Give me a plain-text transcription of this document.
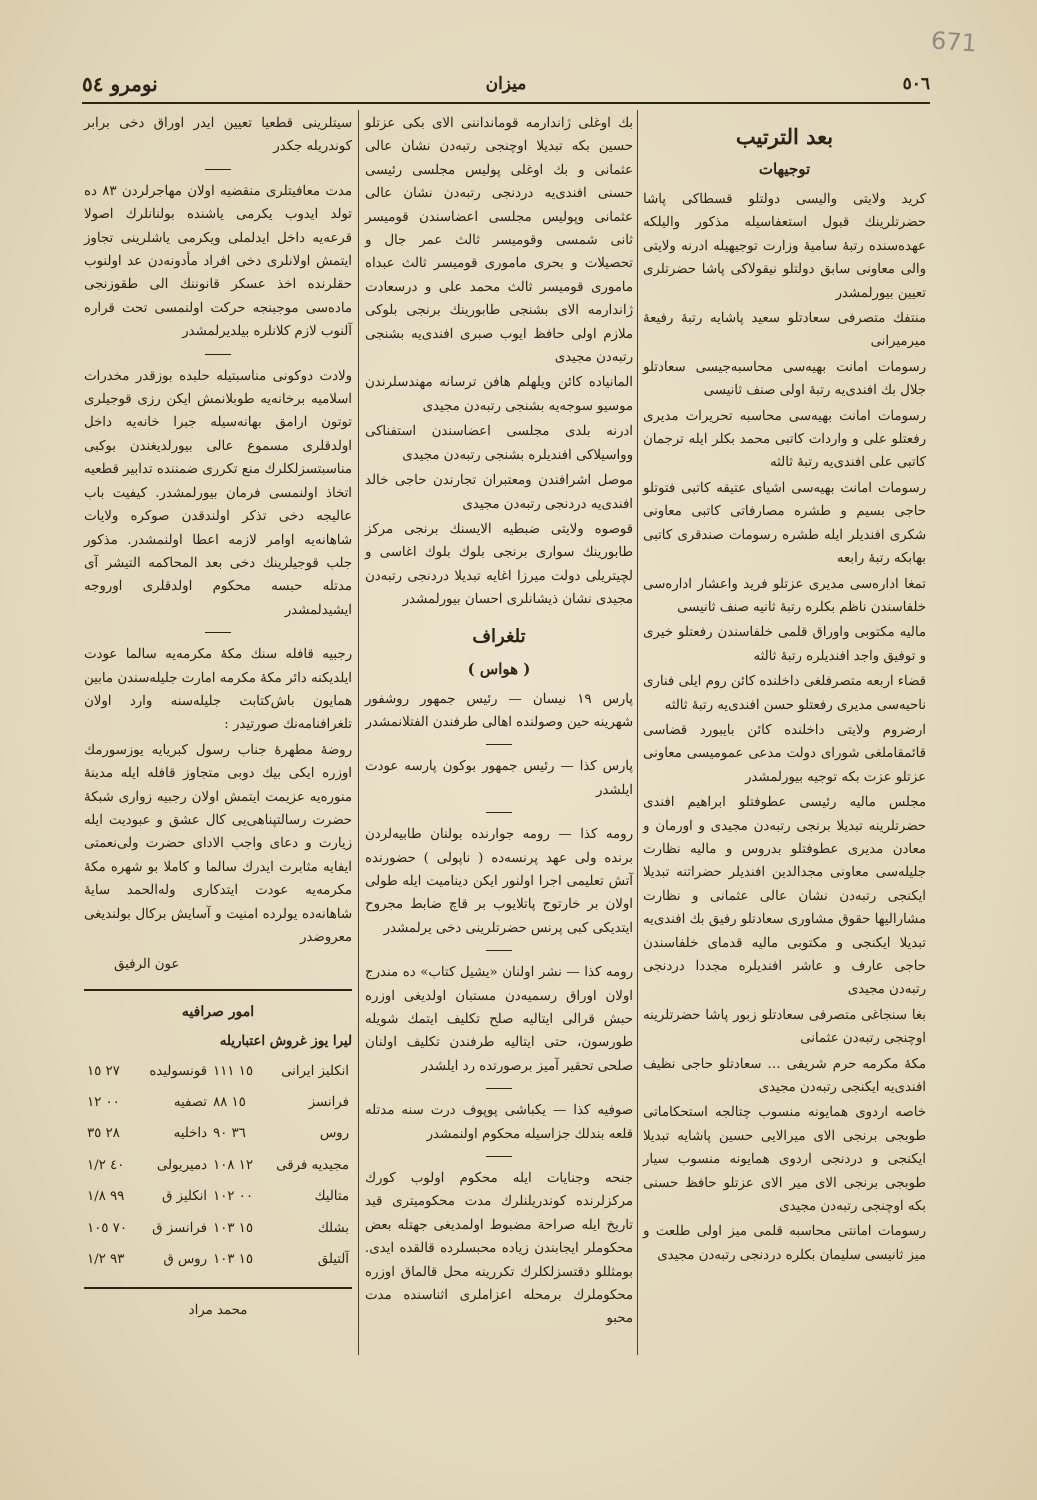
671
٥٠٦
میزان
نومرو ٥٤
بعد الترتیب
توجیهات

کرید ولایتی والیسی دولتلو قسطاکی پاشا حضرتلرینك قبول استعفاسیله مذکور والیلکه عهده‌سنده رتبهٔ سامیهٔ وزارت توجیهیله ادرنه ولایتی والی معاونی سابق دولتلو نیقولاکی پاشا حضرتلری تعیین بیورلمشدر

منتفك متصرفی سعادتلو سعید پاشایه رتبهٔ رفیعهٔ میرمیرانی

رسومات امانت بهیه‌سی محاسبه‌جیسی سعادتلو جلال بك افندی‌یه رتبهٔ اولی صنف ثانیسی

رسومات امانت بهیه‌سی محاسبه تحریرات مدیری رفعتلو علی و واردات کاتبی محمد بکلر ایله ترجمان کاتبی علی افندی‌یه رتبهٔ ثالثه

رسومات امانت بهیه‌سی اشیای عتیقه کاتبی فتوتلو حاجی بسیم و طشره مصارفاتی کاتبی معاونی شکری افندیلر ایله طشره رسومات صندقری کاتبی بهابکه رتبهٔ رابعه

تمغا اداره‌سی مدیری عزتلو فرید واعشار اداره‌سی خلفاسندن ناظم بکلره رتبهٔ ثانیه صنف ثانیسی

مالیه مکتوبی واوراق قلمی خلفاسندن رفعتلو خیری و توفیق واجد افندیلره رتبهٔ ثالثه

قضاء اربعه متصرفلغی داخلنده کائن روم ایلی فناری ناحیه‌سی مدیری رفعتلو حسن افندی‌یه رتبهٔ ثالثه

ارضروم ولایتی داخلنده کائن بایبورد قضاسی قائمقاملغی شورای دولت مدعی عمومیسی معاونی عزتلو عزت بکه توجیه بیورلمشدر

مجلس مالیه رئیسی عطوفتلو ابراهیم افندی حضرتلرینه تبدیلا برنجی رتبه‌دن مجیدی و اورمان و معادن مدیری عطوفتلو بدروس و مالیه نظارت جلیله‌سی معاونی مجدالدین افندیلر حضراتنه تبدیلا ایکنجی رتبه‌دن نشان عالی عثمانی و نظارت مشارالیها حقوق مشاوری سعادتلو رفیق بك افندی‌یه تبدیلا ایکنجی و مکتوبی مالیه قدمای خلفاسندن حاجی عارف و عاشر افندیلره مجددا دردنجی رتبه‌دن مجیدی

بغا سنجاغی متصرفی سعادتلو زبور پاشا حضرتلرینه اوچنجی رتبه‌دن عثمانی

مکهٔ مکرمه حرم شریفی … سعادتلو حاجی نظیف افندی‌یه ایکنجی رتبه‌دن مجیدی

خاصه اردوی همایونه منسوب چتالجه استحکاماتی طوبجی برنجی الای میرالایی حسین پاشایه تبدیلا ایکنجی و دردنجی اردوی همایونه منسوب سیار طوبجی برنجی الای میر الای عزتلو حافظ حسنی بکه اوچنجی رتبه‌دن مجیدی

رسومات امانتی محاسبه قلمی میز اولی طلعت و میز ثانیسی سلیمان بکلره دردنجی رتبه‌دن مجیدی

بك اوغلی ژاندارمه قومانداننی الای بکی عزتلو حسین بکه تبدیلا اوچنجی رتبه‌دن نشان عالی عثمانی و بك اوغلی پولیس مجلسی رئیسی حسنی افندی‌یه دردنجی رتبه‌دن نشان عالی عثمانی وپولیس مجلسی اعضاسندن قومیسر ثانی شمسی وقومیسر ثالث عمر جال و تحصیلات و بحری ماموری قومیسر ثالث عبداه ماموری قومیسر ثالث محمد علی و درسعادت ژاندارمه الای بشنجی طابورینك برنجی بلوکی ملازم اولی حافظ ایوب صبری افندی‌یه بشنجی رتبه‌دن مجیدی

المانیاده کائن ویلهلم هافن ترسانه مهندسلرندن موسیو سوجه‌یه بشنجی رتبه‌دن مجیدی

ادرنه بلدی مجلسی اعضاسندن استفناکی وواسیلاکی افندیلره بشنجی رتبه‌دن مجیدی

موصل اشرافندن ومعتبران تجارندن حاجی خالد افندی‌یه دردنجی رتبه‌دن مجیدی

قوصوه ولایتی ضبطیه الایسنك برنجی مرکز طابورینك سواری برنجی بلوك بلوك اغاسی و لچیتریلی دولت میرزا اغایه تبدیلا دردنجی رتبه‌دن مجیدی نشان ذیشانلری احسان بیورلمشدر

تلغراف
( هواس )

پارس ١٩ نیسان — رئیس جمهور روشفور شهرینه حین وصولنده اهالی طرفندن الفتلانمشدر

پارس کذا — رئیس جمهور بوکون پارسه عودت ایلشدر

رومه کذا — رومه جوارنده بولنان طابیه‌لردن برنده ولی عهد پرنسه‌ده ( ناپولی ) حضورنده آتش تعلیمی اجرا اولنور ایکن دینامیت ایله طولی اولان بر خارتوج پاتلایوب بر قاچ ضابط مجروح ایتدیکی کبی پرنس حضرتلرینی دخی یرلمشدر

رومه کذا — نشر اولنان «یشیل کتاب» ده مندرج اولان اوراق رسمیه‌دن مستبان اولدیغی اوزره حبش قرالی ایتالیه صلح تکلیف ایتمك شویله طورسون، حتی ایتالیه طرفندن تکلیف اولنان صلحی تحقیر آمیز برصورتده رد ایلشدر

صوفیه کذا — یکباشی پوپوف درت سنه مدتله قلعه بندلك جزاسیله محکوم اولنمشدر

جنحه وجنایات ایله محکوم اولوب کورك مرکزلرنده کوندریلنلرك مدت محکومیتری قید تاریخ ایله صراحة مضبوط اولمدیغی جهتله بعض محکوملر ایجابندن زیاده محبسلرده قالقده ایدی. بومثللو دقتسزلکلرك تکررینه محل قالماق اوزره محکوملرك برمحله اعزاملری اثناسنده مدت محبو

سیتلرینی قطعیا تعیین ایدر اوراق دخی برابر کوندریله جکدر

مدت معافیتلری منقضیه اولان مهاجرلردن ٨٣ ده تولد ایدوب یکرمی یاشنده بولنانلرك اصولا قرعه‌یه داخل ایدلملی ویکرمی یاشلرینی تجاوز ایتمش اولانلری دخی افراد مأدونه‌دن عد اولنوب حقلرنده اخذ عسکر قانوننك الی طقوزنجی ماده‌سی موجبنجه حرکت اولنمسی تحت قراره آلنوب لازم کلانلره بیلدیرلمشدر

ولادت دوکونی مناسبتیله حلبده بوزقدر مخدرات اسلامیه برخانه‌یه طوبلانمش ایکن رزی قوجیلری توتون ارامق بهانه‌سیله جبرا خانه‌یه داخل اولدقلری مسموع عالی بیورلدیغندن بوکبی مناسبتسزلکلرك منع تکرری ضمننده تدابیر قطعیه اتخاذ اولنمسی فرمان بیورلمشدر. کیفیت باب عالیجه دخی تذکر اولندقدن صوکره ولایات شاهانه‌یه اوامر لازمه اعطا اولنمشدر. مذکور جلب قوجیلرینك دخی بعد المحاکمه التیشر آی مدتله حبسه محکوم اولدقلری اوروجه ایشیدلمشدر

رجبیه قافله سنك مکهٔ مکرمه‌یه سالما عودت ایلدیکنه دائر مکهٔ مکرمه امارت جلیله‌سندن مابین همایون باش‌کتابت جلیله‌سنه وارد اولان تلغرافنامه‌نك صورتیدر :

روضهٔ مطهرهٔ جناب رسول کبریایه یوزسورمك اوزره ایکی بیك دوبی متجاوز قافله ایله مدینهٔ منوره‌یه عزیمت ایتمش اولان رجبیه زواری شبکهٔ حضرت رسالتپناهی‌یی کال عشق و عبودیت ایله زیارت و دعای واجب الادای حضرت ولی‌نعمتی ایفایه مثابرت ایدرك سالما و کاملا بو شهره مکهٔ مکرمه‌یه عودت ایتدکاری وله‌الحمد سایهٔ شاهانه‌ده یولرده امنیت و آسایش برکال بولندیغی معروضدر

عون الرفیق
امور صرافیه
لیرا یوز غروش اعتباریله
انکلیز ایرانی	١٥ ١١١	قونسولیده	٢٧ ١٥
فرانسز	١٥ ٨٨	تصفیه	٠٠ ١٢
روس	٣٦ ٩٠	داخلیه	٢٨ ٣٥
مجیدیه فرقی	١٢ ١٠٨	دمیریولی	٤٠ ١/٢
متالیك	٠٠ ١٠٢	انکلیز ق	٩٩ ١/٨
بشلك	١٥ ١٠٣	فرانسز ق	٧٠ ١٠٥
آلتیلق	١٥ ١٠٣	روس ق	٩٣ ١/٢
محمد مراد
